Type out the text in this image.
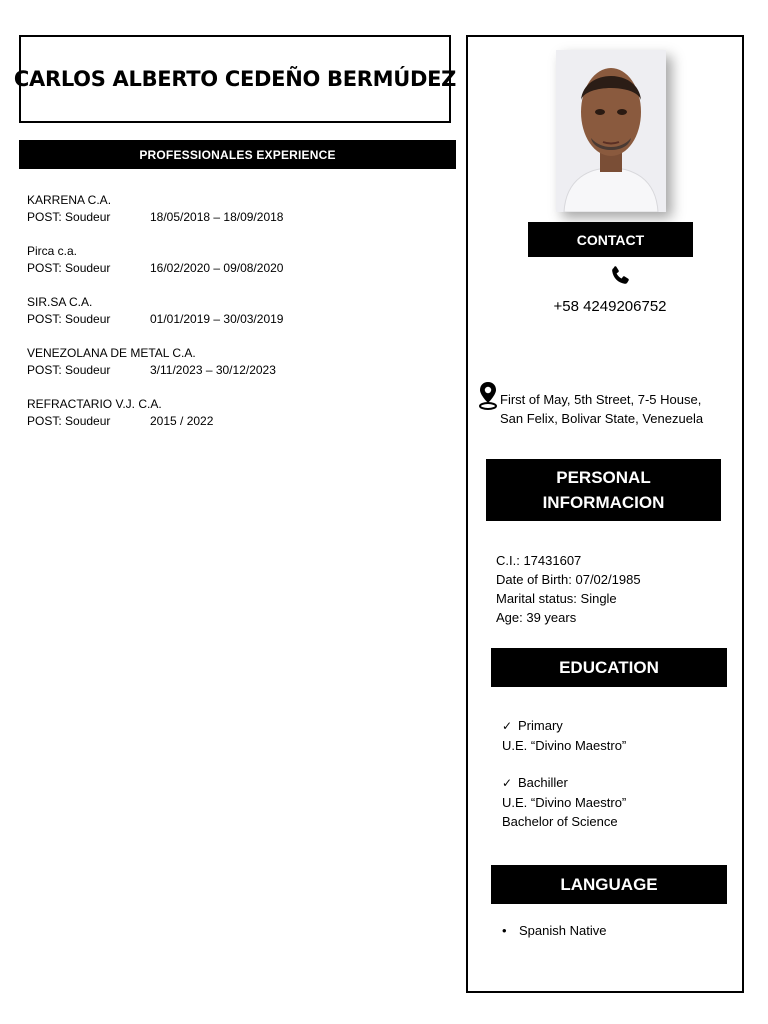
CARLOS ALBERTO CEDEÑO BERMÚDEZ
PROFESSIONALES EXPERIENCE
KARRENA C.A.
POST: Soudeur	18/05/2018 – 18/09/2018
Pirca c.a.
POST: Soudeur	16/02/2020 – 09/08/2020
SIR.SA C.A.
POST: Soudeur	01/01/2019 – 30/03/2019
VENEZOLANA DE METAL C.A.
POST: Soudeur	3/11/2023 – 30/12/2023
REFRACTARIO V.J. C.A.
POST: Soudeur	2015 / 2022
CONTACT
+58 4249206752
First of May, 5th Street, 7-5 House,
San Felix, Bolivar State, Venezuela
PERSONAL
INFORMACION
C.I.: 17431607
Date of Birth: 07/02/1985
Marital status: Single
Age: 39 years
EDUCATION
✓ Primary
U.E. “Divino Maestro”
✓ Bachiller
U.E. “Divino Maestro”
Bachelor of Science
LANGUAGE
• Spanish Native
